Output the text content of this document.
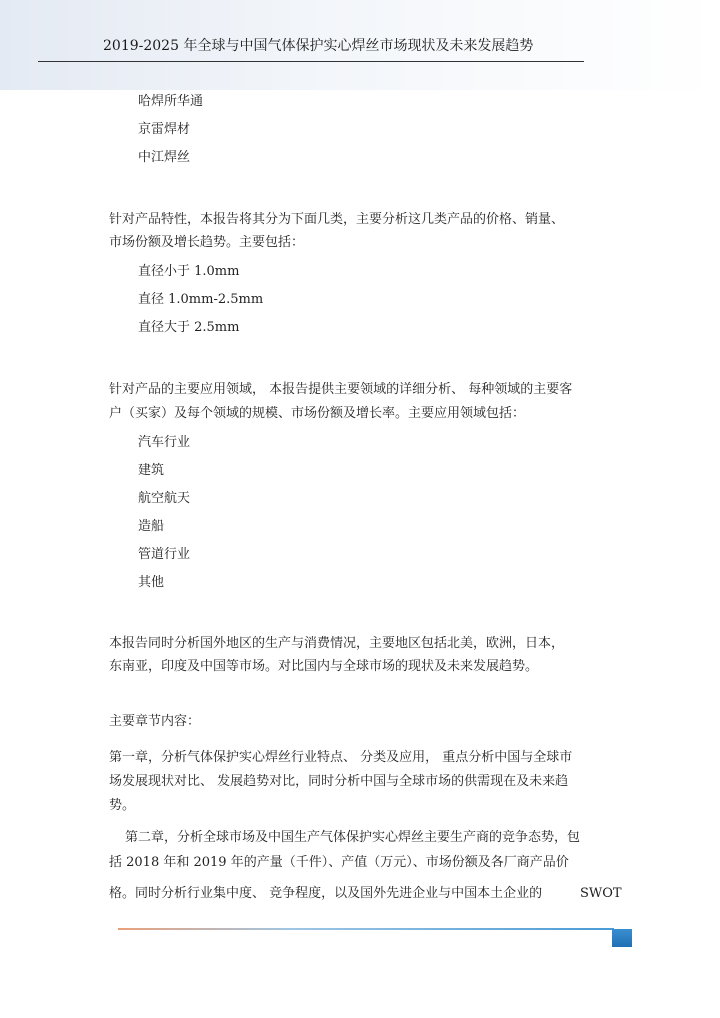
2019-2025 年全球与中国气体保护实心焊丝市场现状及未来发展趋势
哈焊所华通
京雷焊材
中江焊丝
针对产品特性，本报告将其分为下面几类，主要分析这几类产品的价格、销量、
市场份额及增长趋势。主要包括：
直径小于 1.0mm
直径 1.0mm-2.5mm
直径大于 2.5mm
针对产品的主要应用领域， 本报告提供主要领域的详细分析、 每种领域的主要客
户（买家）及每个领域的规模、市场份额及增长率。主要应用领域包括：
汽车行业
建筑
航空航天
造船
管道行业
其他
本报告同时分析国外地区的生产与消费情况，主要地区包括北美，欧洲，日本，
东南亚，印度及中国等市场。对比国内与全球市场的现状及未来发展趋势。
主要章节内容：
第一章，分析气体保护实心焊丝行业特点、 分类及应用， 重点分析中国与全球市
场发展现状对比、 发展趋势对比，同时分析中国与全球市场的供需现在及未来趋
势。
第二章，分析全球市场及中国生产气体保护实心焊丝主要生产商的竞争态势，包
括 2018 年和 2019 年的产量（千件）、产值（万元）、市场份额及各厂商产品价
格。同时分析行业集中度、 竞争程度，以及国外先进企业与中国本土企业的	SWOT
